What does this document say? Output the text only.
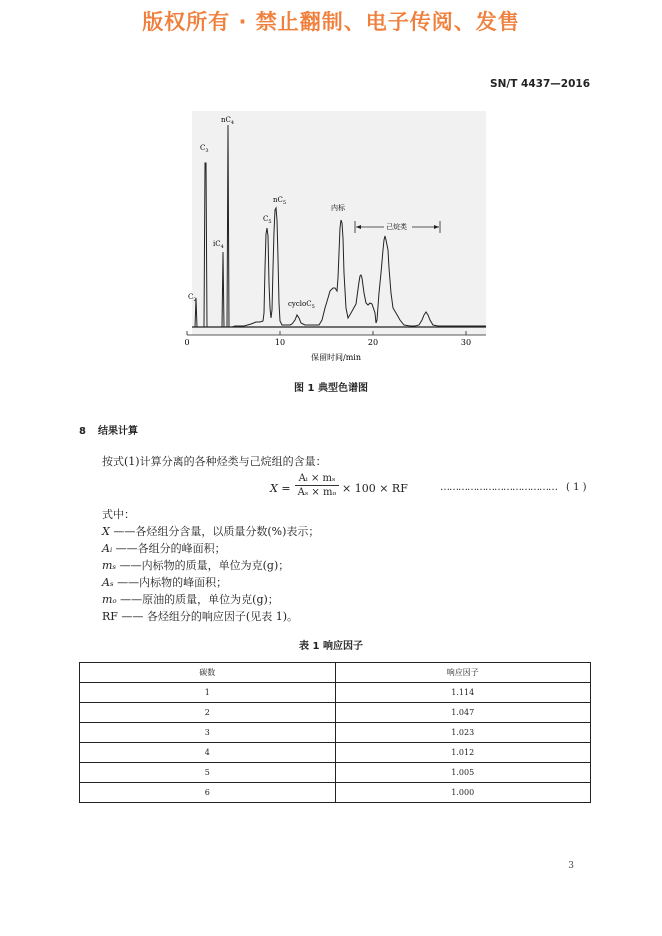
版权所有 · 禁止翻制、电子传阅、发售
SN/T 4437—2016
0	10	20	30
保留时间/min
$C_2$
$C_3$
$iC_4$
$nC_4$
$C_5$
$nC_5$
cycloC$_5$
内标
己烷类
图 1 典型色谱图
8 结果计算
按式(1)计算分离的各种烃类与己烷组的含量：
$X = \frac{\text{Aᵢ × mₛ}}{\text{Aₛ × mₒ}} \times 100$ × RF	………………………………… ( 1 )
式中：
X ——各烃组分含量，以质量分数(%)表示；
Aᵢ ——各组分的峰面积；
mₛ ——内标物的质量，单位为克(g)；
Aₛ ——内标物的峰面积；
mₒ ——原油的质量，单位为克(g)；
RF —— 各烃组分的响应因子(见表 1)。
表 1 响应因子
碳数	响应因子
1	1.114
2	1.047
3	1.023
4	1.012
5	1.005
6	1.000
3
